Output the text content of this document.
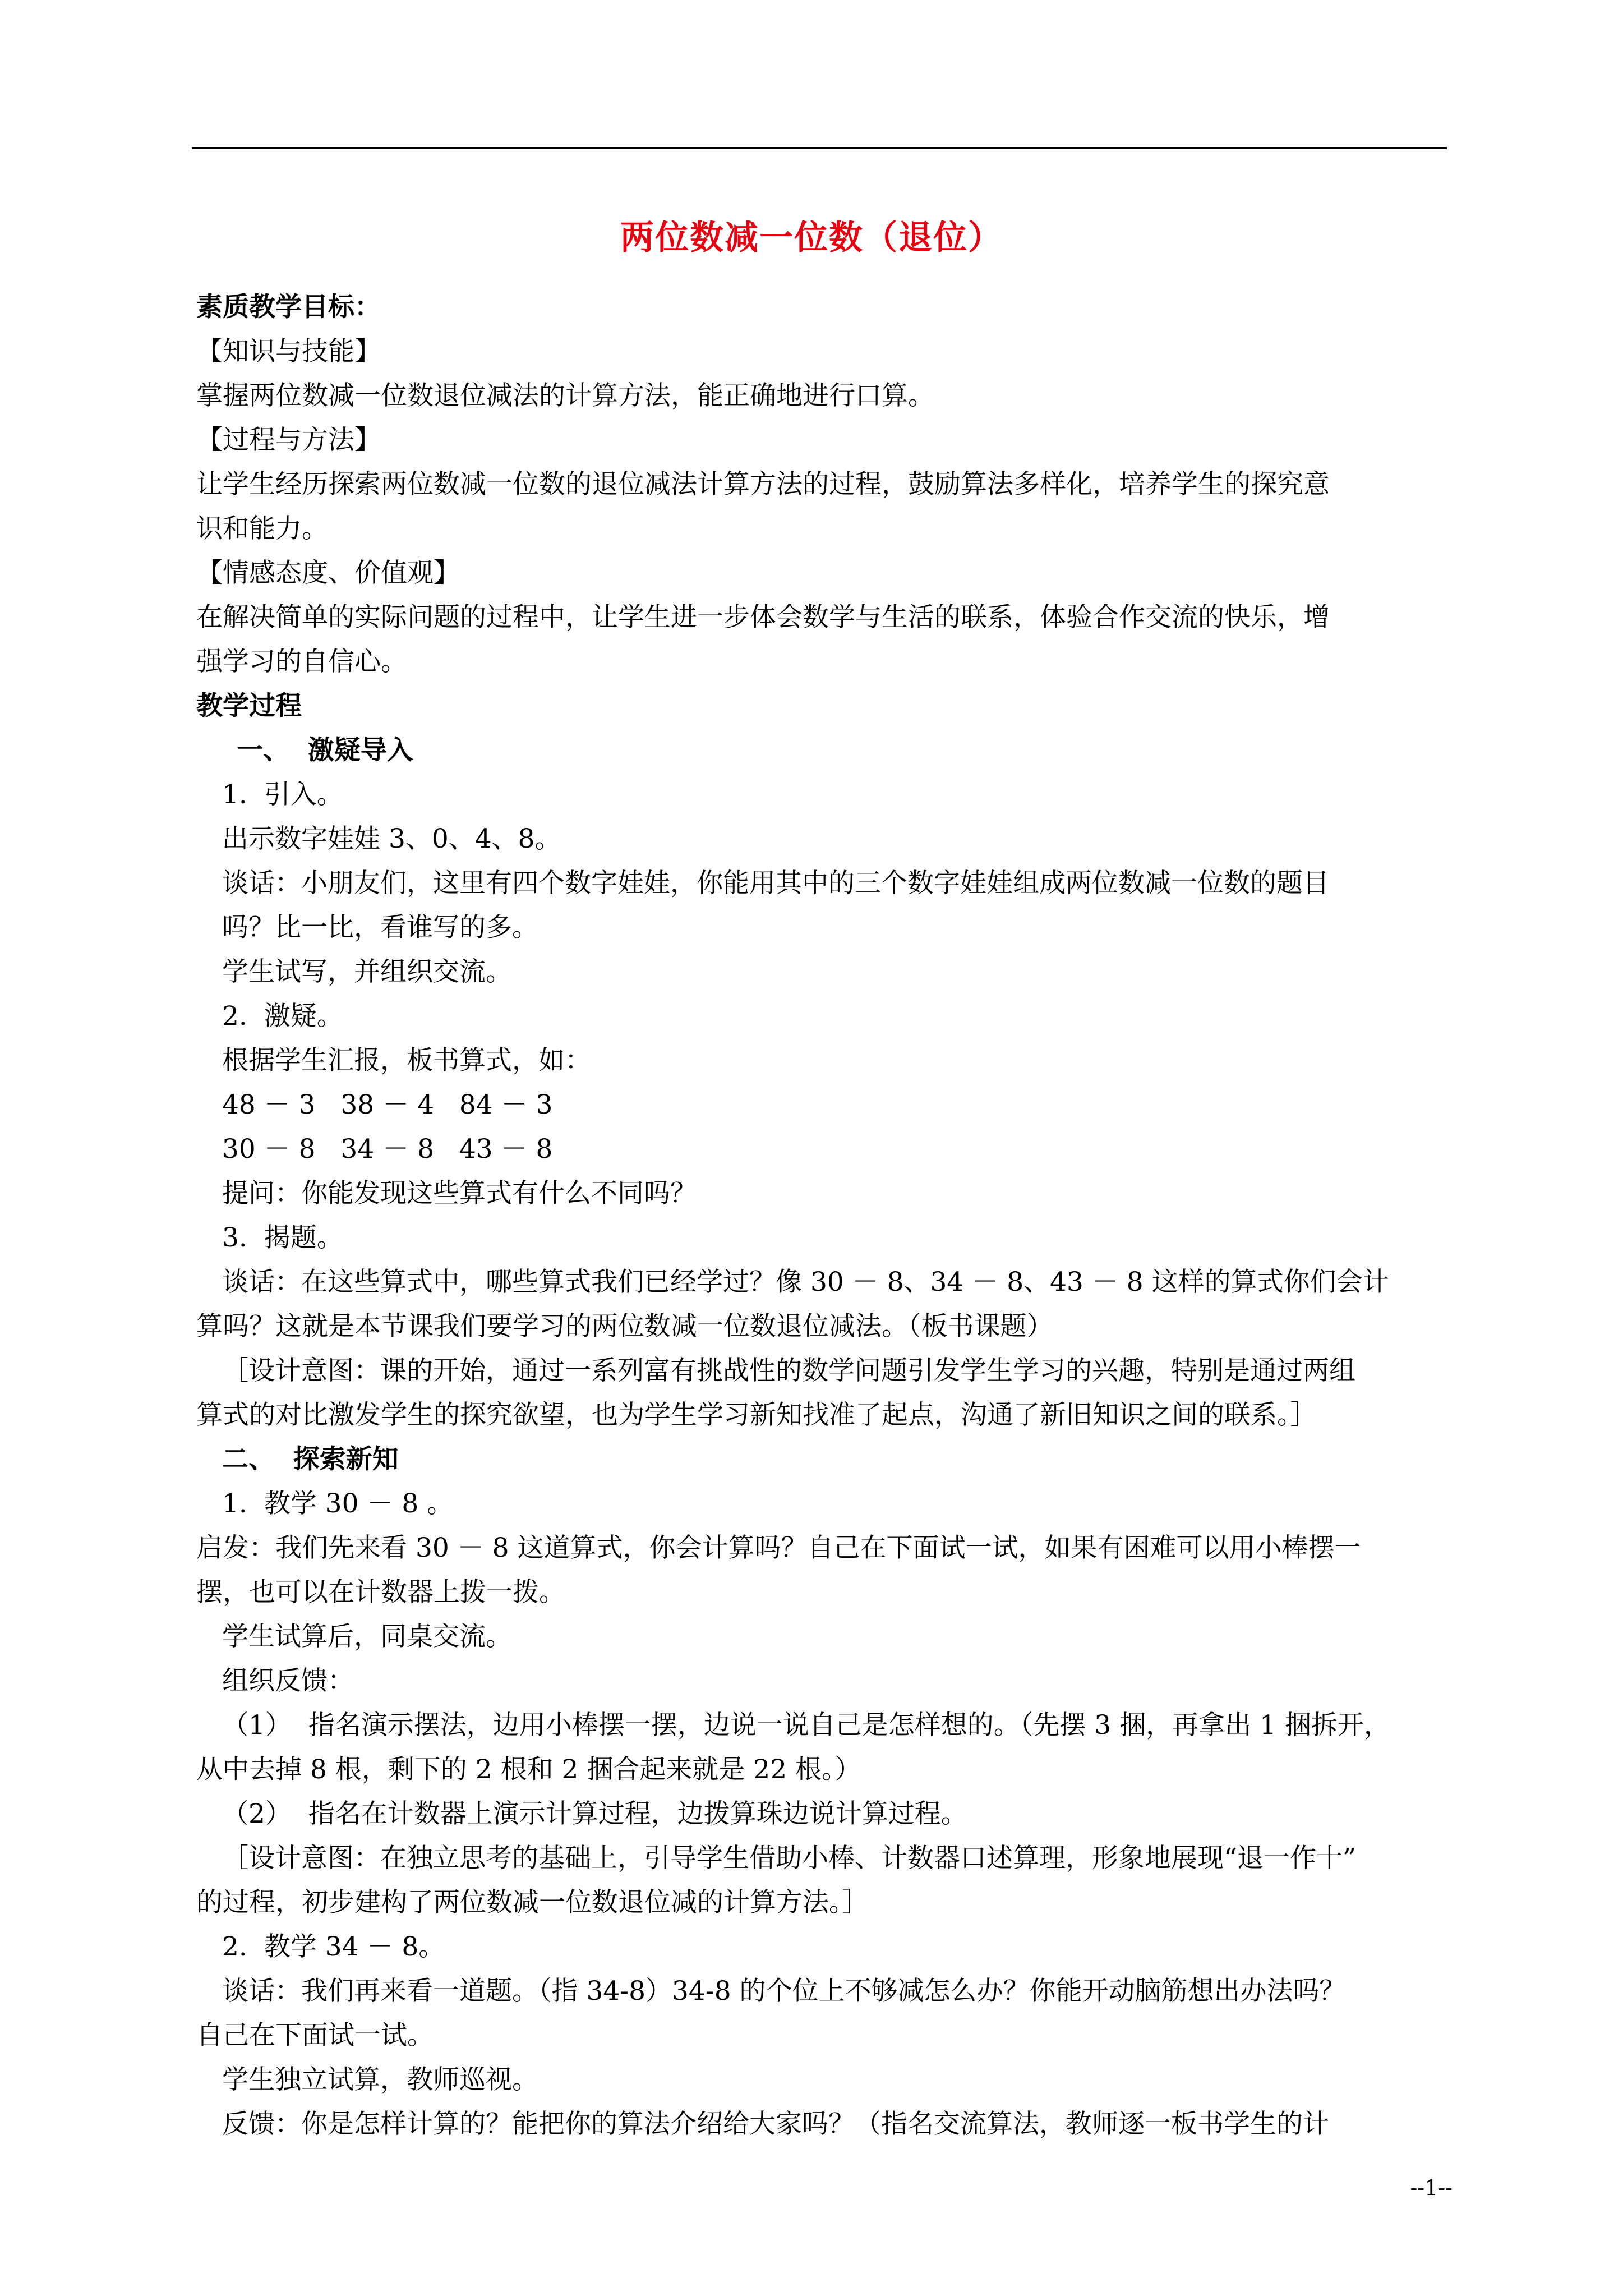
两位数减一位数（退位）
素质教学目标：
【知识与技能】
掌握两位数减一位数退位减法的计算方法，能正确地进行口算。
【过程与方法】
让学生经历探索两位数减一位数的退位减法计算方法的过程，鼓励算法多样化，培养学生的探究意
识和能力。
【情感态度、价值观】
在解决简单的实际问题的过程中，让学生进一步体会数学与生活的联系，体验合作交流的快乐，增
强学习的自信心。
教学过程
一、  激疑导入
1.  引入。
出示数字娃娃 3、0、4、8。
谈话：小朋友们，这里有四个数字娃娃，你能用其中的三个数字娃娃组成两位数减一位数的题目
吗？比一比，看谁写的多。
学生试写，并组织交流。
2.  激疑。
根据学生汇报，板书算式，如：
48 － 3   38 － 4   84 － 3
30 － 8   34 － 8   43 － 8
提问：你能发现这些算式有什么不同吗？
3.  揭题。
谈话：在这些算式中，哪些算式我们已经学过？像 30 － 8、34 － 8、43 － 8 这样的算式你们会计
算吗？这就是本节课我们要学习的两位数减一位数退位减法。（板书课题）
［设计意图：课的开始，通过一系列富有挑战性的数学问题引发学生学习的兴趣，特别是通过两组
算式的对比激发学生的探究欲望，也为学生学习新知找准了起点，沟通了新旧知识之间的联系。］
二、  探索新知
1.  教学 30 － 8 。
启发：我们先来看 30 － 8 这道算式，你会计算吗？自己在下面试一试，如果有困难可以用小棒摆一
摆，也可以在计数器上拨一拨。
学生试算后，同桌交流。
组织反馈：
（1）  指名演示摆法，边用小棒摆一摆，边说一说自己是怎样想的。（先摆 3 捆，再拿出 1 捆拆开，
从中去掉 8 根，剩下的 2 根和 2 捆合起来就是 22 根。）
（2）  指名在计数器上演示计算过程，边拨算珠边说计算过程。
［设计意图：在独立思考的基础上，引导学生借助小棒、计数器口述算理，形象地展现“退一作十”
的过程，初步建构了两位数减一位数退位减的计算方法。］
2.  教学 34 － 8。
谈话：我们再来看一道题。（指 34-8）34-8 的个位上不够减怎么办？你能开动脑筋想出办法吗？
自己在下面试一试。
学生独立试算，教师巡视。
反馈：你是怎样计算的？能把你的算法介绍给大家吗？（指名交流算法，教师逐一板书学生的计
--1--
